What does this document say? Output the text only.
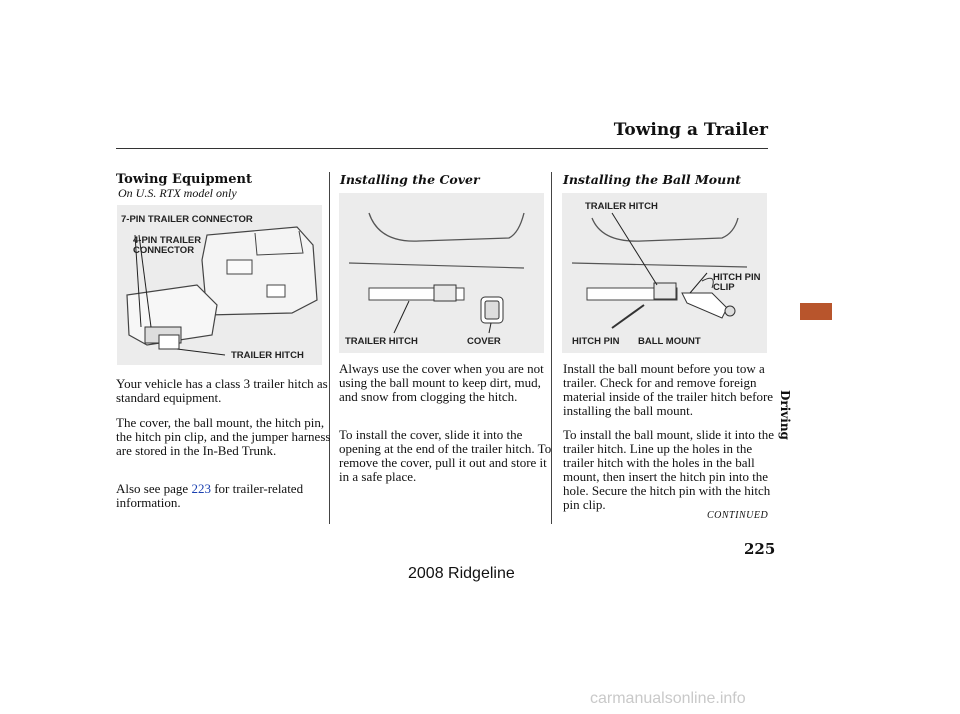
Towing a Trailer
Towing Equipment
On U.S. RTX model only
7-PIN TRAILER CONNECTOR
4-PIN TRAILER
CONNECTOR
TRAILER HITCH

Your vehicle has a class 3 trailer hitch as standard equipment.

The cover, the ball mount, the hitch pin, the hitch pin clip, and the jumper harness are stored in the In-Bed Trunk.

Also see page 223 for trailer-related information.

Installing the Cover
TRAILER HITCH	COVER

Always use the cover when you are not using the ball mount to keep dirt, mud, and snow from clogging the hitch.

To install the cover, slide it into the opening at the end of the trailer hitch. To remove the cover, pull it out and store it in a safe place.

Installing the Ball Mount
TRAILER HITCH
HITCH PIN
CLIP
HITCH PIN BALL MOUNT

Install the ball mount before you tow a trailer. Check for and remove foreign material inside of the trailer hitch before installing the ball mount.

To install the ball mount, slide it into the trailer hitch. Line up the holes in the trailer hitch with the holes in the ball mount, then insert the hitch pin into the hole. Secure the hitch pin with the hitch pin clip.

CONTINUED
Driving
225
2008 Ridgeline
carmanualsonline.info
